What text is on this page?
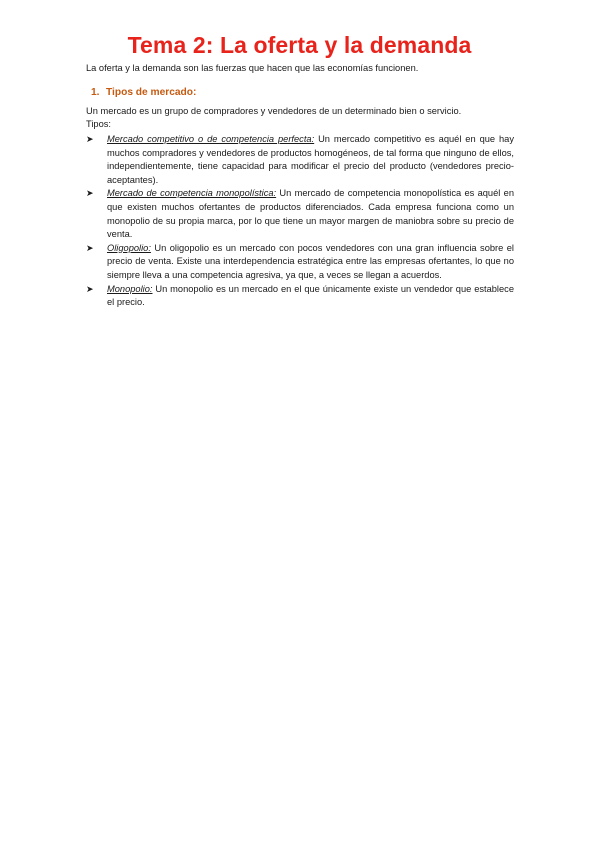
Tema 2: La oferta y la demanda
La oferta y la demanda son las fuerzas que hacen que las economías funcionen.
1. Tipos de mercado:
Un mercado es un grupo de compradores y vendedores de un determinado bien o servicio.
Tipos:
➤	Mercado competitivo o de competencia perfecta: Un mercado competitivo es aquél en que hay muchos compradores y vendedores de productos homogéneos, de tal forma que ninguno de ellos, independientemente, tiene capacidad para modificar el precio del producto (vendedores precio-aceptantes).
➤	Mercado de competencia monopolística: Un mercado de competencia monopolística es aquél en que existen muchos ofertantes de productos diferenciados. Cada empresa funciona como un monopolio de su propia marca, por lo que tiene un mayor margen de maniobra sobre su precio de venta.
➤	Oligopolio: Un oligopolio es un mercado con pocos vendedores con una gran influencia sobre el precio de venta. Existe una interdependencia estratégica entre las empresas ofertantes, lo que no siempre lleva a una competencia agresiva, ya que, a veces se llegan a acuerdos.
➤	Monopolio: Un monopolio es un mercado en el que únicamente existe un vendedor que establece el precio.
